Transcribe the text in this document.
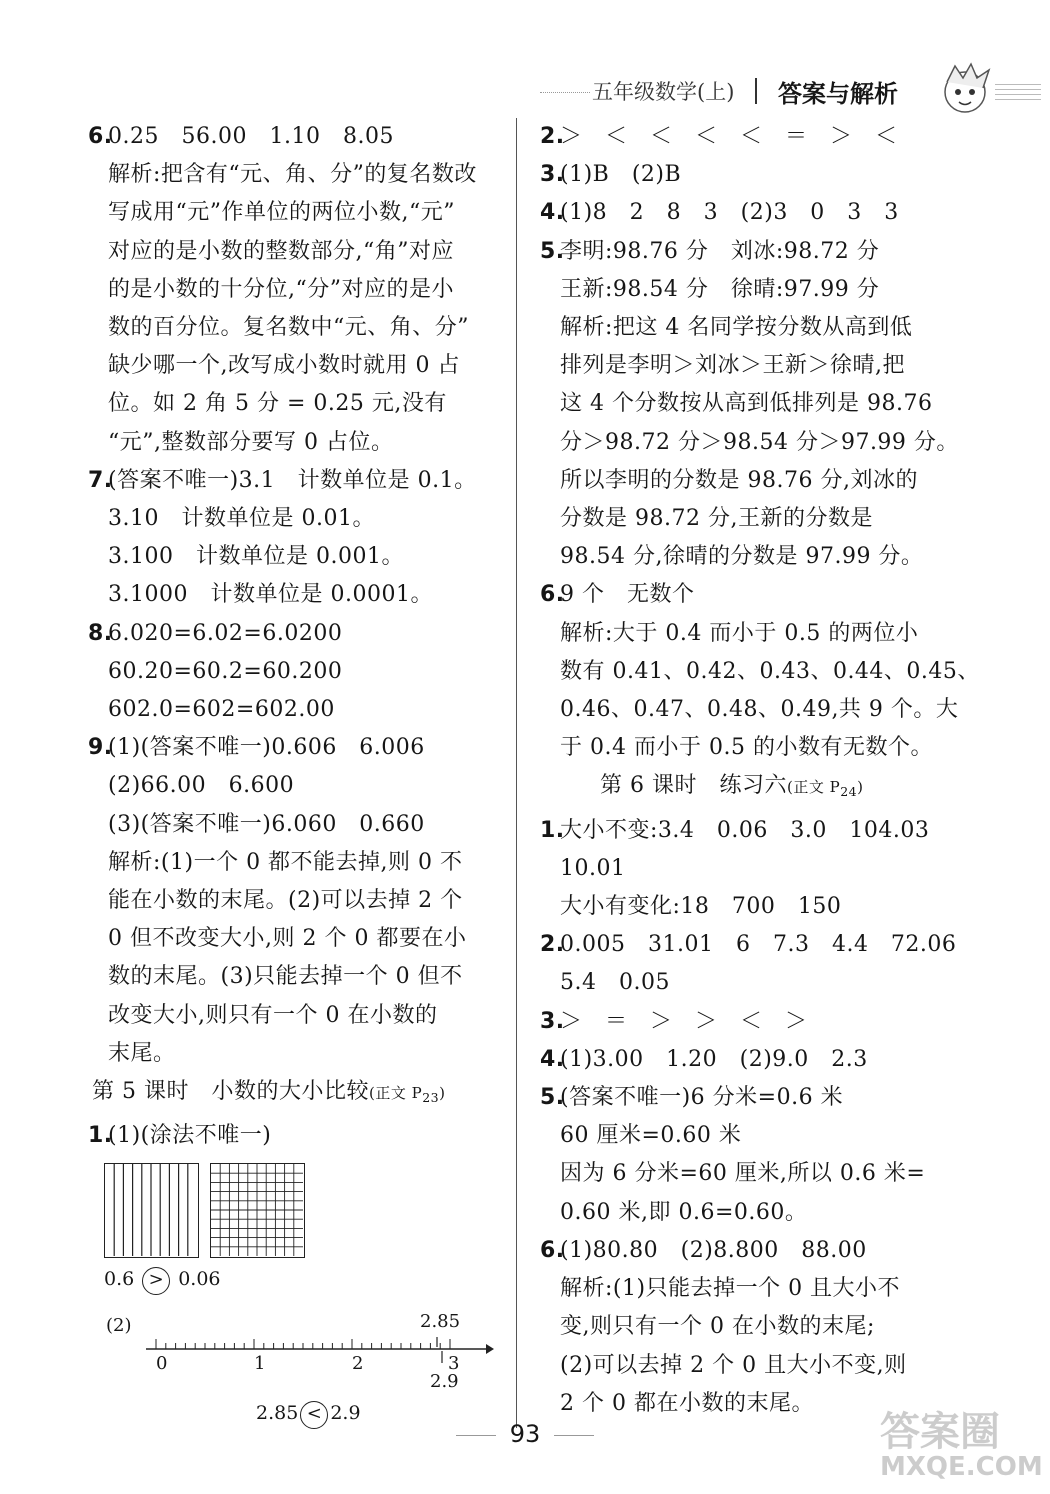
五年级数学(上) 答案与解析
6.0.25　56.00　1.10　8.05
解析:把含有“元、角、分”的复名数改
写成用“元”作单位的两位小数,“元”
对应的是小数的整数部分,“角”对应
的是小数的十分位,“分”对应的是小
数的百分位。复名数中“元、角、分”
缺少哪一个,改写成小数时就用 0 占
位。如 2 角 5 分 = 0.25 元,没有
“元”,整数部分要写 0 占位。
7.(答案不唯一)3.1　计数单位是 0.1。
3.10　计数单位是 0.01。
3.100　计数单位是 0.001。
3.1000　计数单位是 0.0001。
8.6.020=6.02=6.0200
60.20=60.2=60.200
602.0=602=602.00
9.(1)(答案不唯一)0.606　6.006
(2)66.00　6.600
(3)(答案不唯一)6.060　0.660
解析:(1)一个 0 都不能去掉,则 0 不
能在小数的末尾。(2)可以去掉 2 个
0 但不改变大小,则 2 个 0 都要在小
数的末尾。(3)只能去掉一个 0 但不
改变大小,则只有一个 0 在小数的
末尾。
第 5 课时　小数的大小比较(正文 $P_{23}$)
1.(1)(涂法不唯一)
0.6 > 0.06
(2)	2.85
0	1	2	3
2.9
2.85 < 2.9
2.＞　＜　＜　＜　＜　＝　＞　＜
3.(1)B　(2)B
4.(1)8　2　8　3　(2)3　0　3　3
5.李明:98.76 分　刘冰:98.72 分
王新:98.54 分　徐晴:97.99 分
解析:把这 4 名同学按分数从高到低
排列是李明＞刘冰＞王新＞徐晴,把
这 4 个分数按从高到低排列是 98.76
分＞98.72 分＞98.54 分＞97.99 分。
所以李明的分数是 98.76 分,刘冰的
分数是 98.72 分,王新的分数是
98.54 分,徐晴的分数是 97.99 分。
6.9 个　无数个
解析:大于 0.4 而小于 0.5 的两位小
数有 0.41、0.42、0.43、0.44、0.45、
0.46、0.47、0.48、0.49,共 9 个。大
于 0.4 而小于 0.5 的小数有无数个。
第 6 课时　练习六(正文 $P_{24}$)
1.大小不变:3.4　0.06　3.0　104.03
10.01
大小有变化:18　700　150
2.0.005　31.01　6　7.3　4.4　72.06
5.4　0.05
3.＞　＝　＞　＞　＜　＞
4.(1)3.00　1.20　(2)9.0　2.3
5.(答案不唯一)6 分米=0.6 米
60 厘米=0.60 米
因为 6 分米=60 厘米,所以 0.6 米=
0.60 米,即 0.6=0.60。
6.(1)80.80　(2)8.800　88.00
解析:(1)只能去掉一个 0 且大小不
变,则只有一个 0 在小数的末尾;
(2)可以去掉 2 个 0 且大小不变,则
2 个 0 都在小数的末尾。
93	答案圈
MXQE.COM
